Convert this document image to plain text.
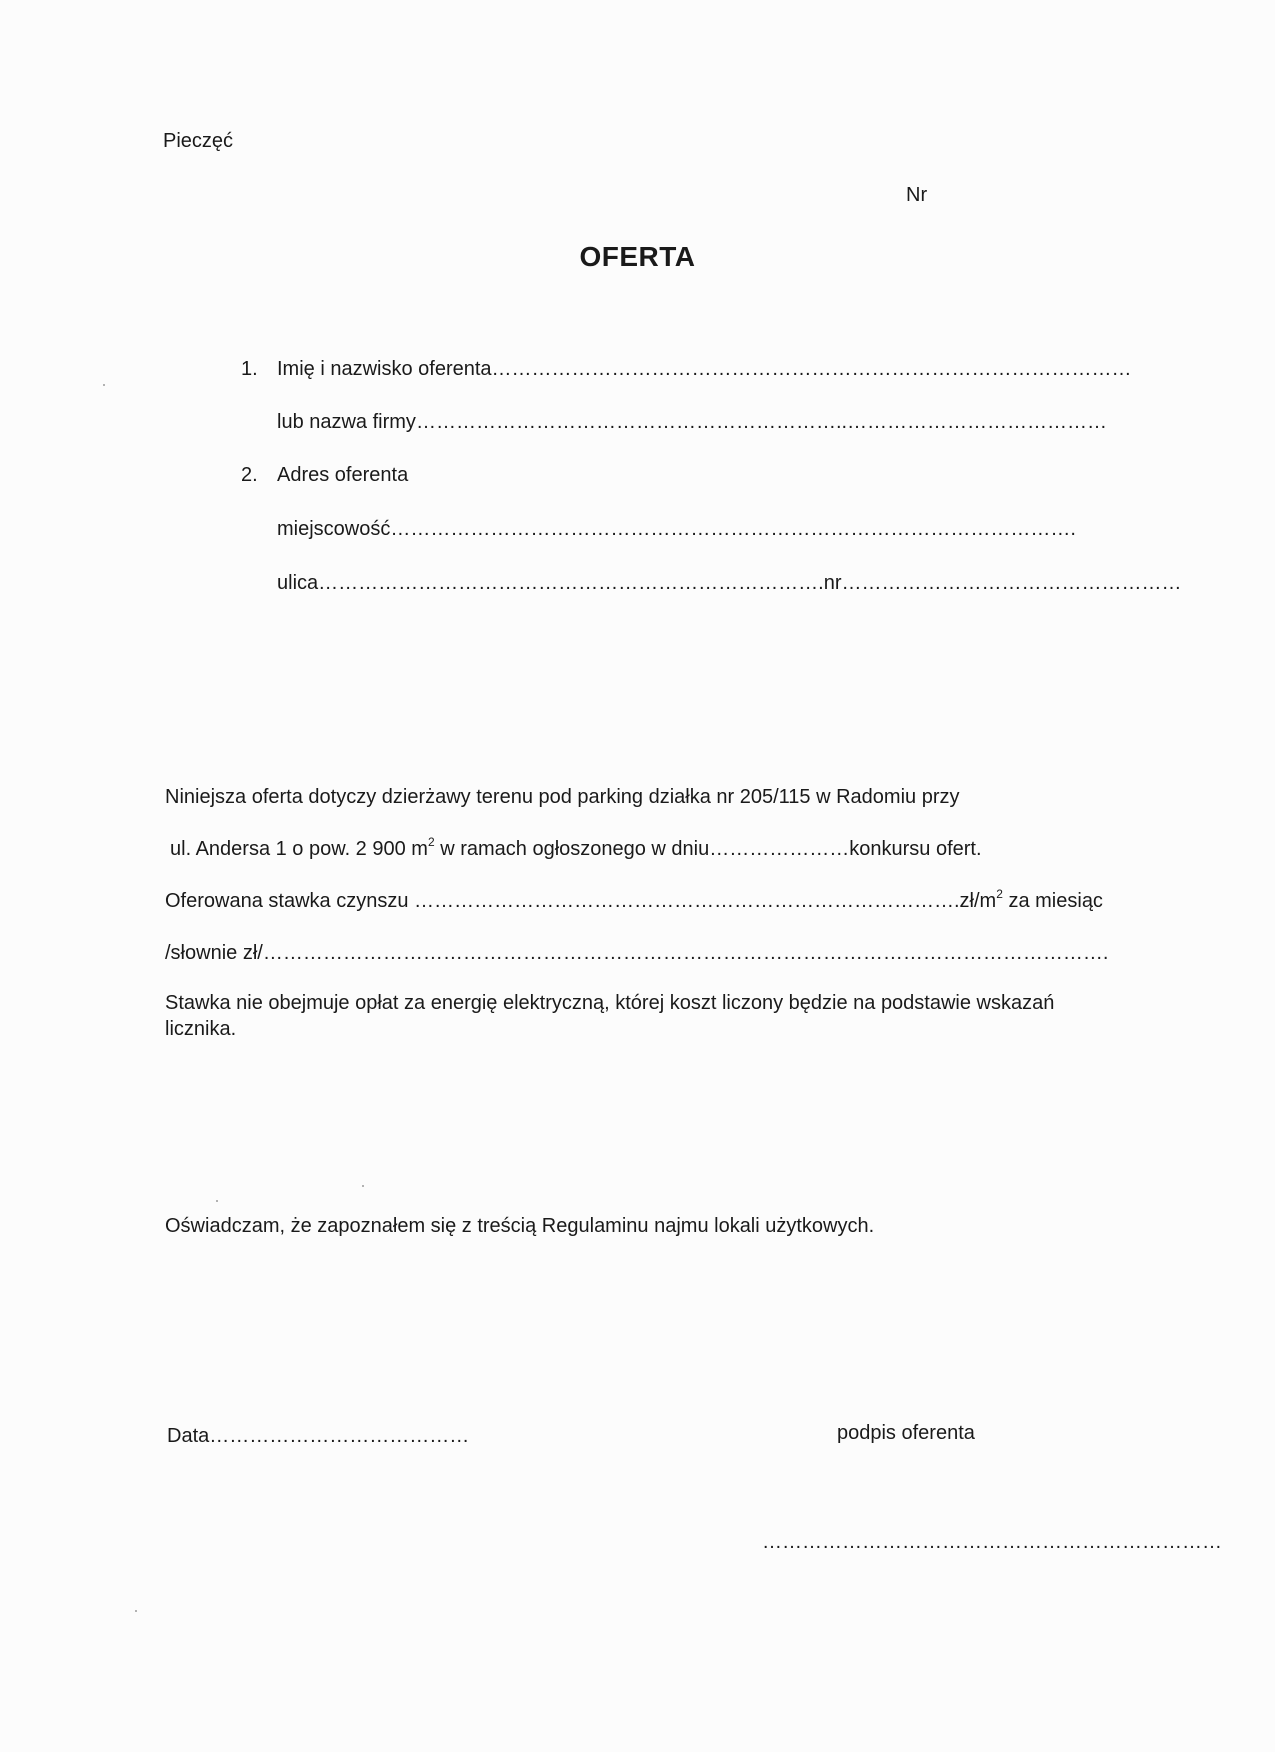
Pieczęć
Nr
OFERTA
1. Imię i nazwisko oferenta……………………………………………………………………………………
lub nazwa firmy………………………………………………………..…………………………………
2. Adres oferenta
miejscowość………………………………………………………………………………………….
ulica………………………………………………………………….nr……………………………………………
Niniejsza oferta dotyczy dzierżawy terenu pod parking działka nr 205/115 w Radomiu przy
ul. Andersa 1 o pow. 2 900 $m^2$ w ramach ogłoszonego w dniu…………………konkursu ofert.
Oferowana stawka czynszu $\dots\dots\dots\dots\dots\dots\dots\dots\dots\dots\dots\dots\dots\dots\dots\dots\dots\dots\dots\dots\dots\dots\dots\dots\dots\dots\dots.zł/m^2$ za miesiąc
/słownie zł/……………………………………………………………………………………………………………….
Stawka nie obejmuje opłat za energię elektryczną, której koszt liczony będzie na podstawie wskazań licznika.
Oświadczam, że zapoznałem się z treścią Regulaminu najmu lokali użytkowych.
Data…………………………………	podpis oferenta
……………………………………………………………
